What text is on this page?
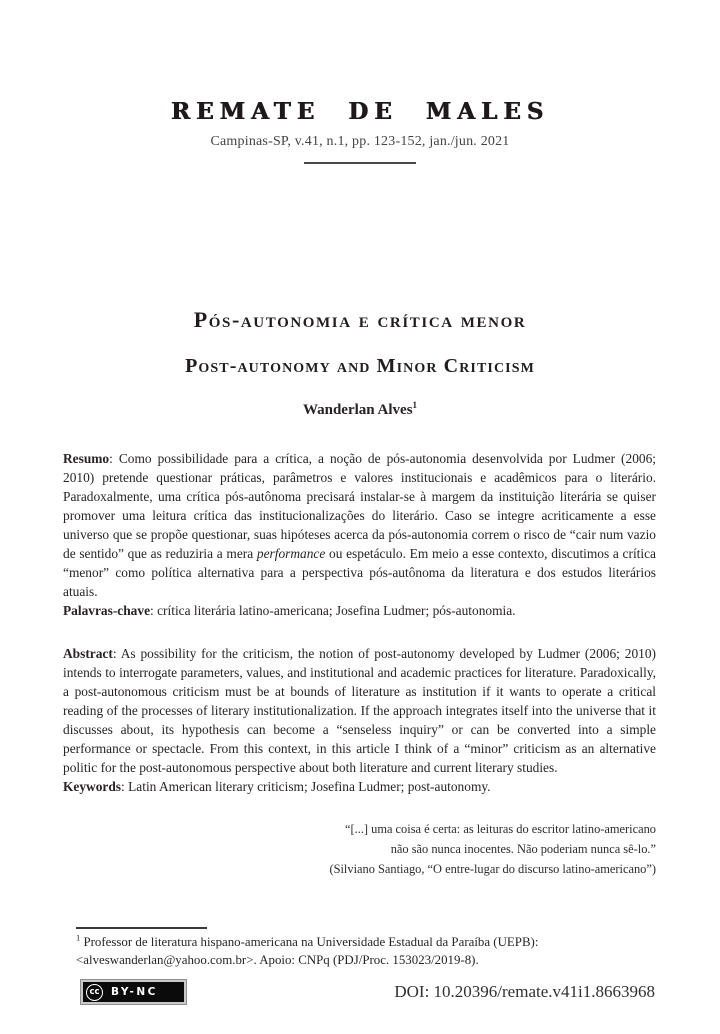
REMATE DE MALES
Campinas-SP, v.41, n.1, pp. 123-152, jan./jun. 2021
Pós-autonomia e crítica menor
Post-autonomy and Minor Criticism
Wanderlan Alves$^1$

Resumo: Como possibilidade para a crítica, a noção de pós-autonomia desenvolvida por Ludmer (2006; 2010) pretende questionar práticas, parâmetros e valores institucionais e acadêmicos para o literário. Paradoxalmente, uma crítica pós-autônoma precisará instalar-se à margem da instituição literária se quiser promover uma leitura crítica das institucionalizações do literário. Caso se integre acriticamente a esse universo que se propõe questionar, suas hipóteses acerca da pós-autonomia correm o risco de “cair num vazio de sentido” que as reduziria a mera performance ou espetáculo. Em meio a esse contexto, discutimos a crítica “menor” como política alternativa para a perspectiva pós-autônoma da literatura e dos estudos literários atuais.

Palavras-chave: crítica literária latino-americana; Josefina Ludmer; pós-autonomia.

Abstract: As possibility for the criticism, the notion of post-autonomy developed by Ludmer (2006; 2010) intends to interrogate parameters, values, and institutional and academic practices for literature. Paradoxically, a post-autonomous criticism must be at bounds of literature as institution if it wants to operate a critical reading of the processes of literary institutionalization. If the approach integrates itself into the universe that it discusses about, its hypothesis can become a “senseless inquiry” or can be converted into a simple performance or spectacle. From this context, in this article I think of a “minor” criticism as an alternative politic for the post-autonomous perspective about both literature and current literary studies.

Keywords: Latin American literary criticism; Josefina Ludmer; post-autonomy.

“[...] uma coisa é certa: as leituras do escritor latino-americano
não são nunca inocentes. Não poderiam nunca sê-lo.”
(Silviano Santiago, “O entre-lugar do discurso latino-americano”)

$^1$ Professor de literatura hispano-americana na Universidade Estadual da Paraíba (UEPB): <alveswanderlan@yahoo.com.br>. Apoio: CNPq (PDJ/Proc. 153023/2019-8).

cc	BY-NC	DOI: 10.20396/remate.v41i1.8663968
